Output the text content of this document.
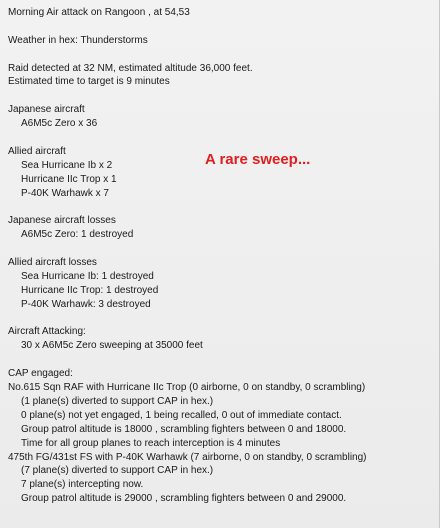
Morning Air attack on Rangoon , at 54,53
Weather in hex: Thunderstorms
Raid detected at 32 NM, estimated altitude 36,000 feet.
Estimated time to target is 9 minutes
Japanese aircraft
A6M5c Zero x 36
Allied aircraft
Sea Hurricane Ib x 2
Hurricane IIc Trop x 1
P-40K Warhawk x 7
Japanese aircraft losses
A6M5c Zero: 1 destroyed
Allied aircraft losses
Sea Hurricane Ib: 1 destroyed
Hurricane IIc Trop: 1 destroyed
P-40K Warhawk: 3 destroyed
Aircraft Attacking:
30 x A6M5c Zero sweeping at 35000 feet
CAP engaged:
No.615 Sqn RAF with Hurricane IIc Trop (0 airborne, 0 on standby, 0 scrambling)
(1 plane(s) diverted to support CAP in hex.)
0 plane(s) not yet engaged, 1 being recalled, 0 out of immediate contact.
Group patrol altitude is 18000 , scrambling fighters between 0 and 18000.
Time for all group planes to reach interception is 4 minutes
475th FG/431st FS with P-40K Warhawk (7 airborne, 0 on standby, 0 scrambling)
(7 plane(s) diverted to support CAP in hex.)
7 plane(s) intercepting now.
Group patrol altitude is 29000 , scrambling fighters between 0 and 29000.
A rare sweep...
